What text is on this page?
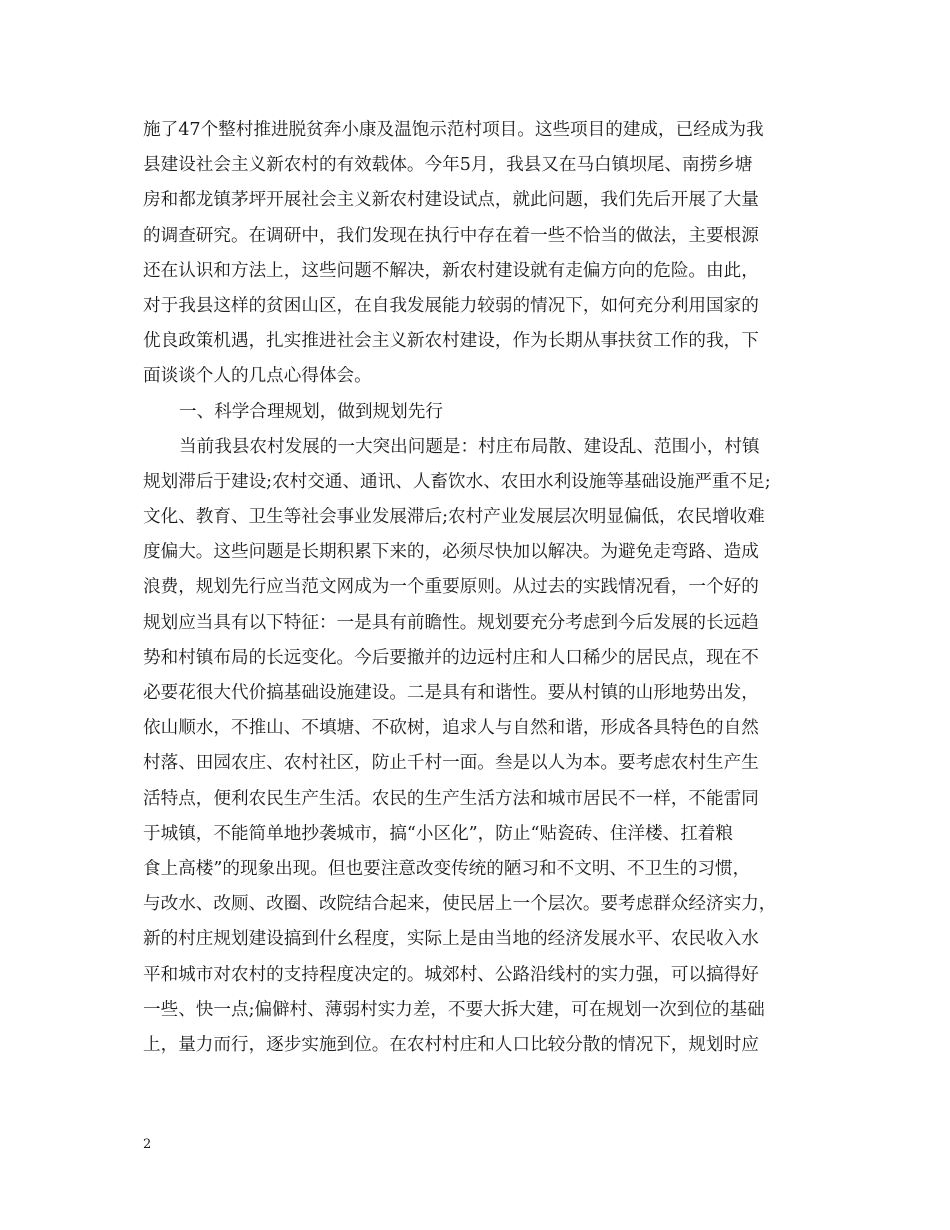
施了47个整村推进脱贫奔小康及温饱示范村项目。这些项目的建成，已经成为我
县建设社会主义新农村的有效载体。今年5月，我县又在马白镇坝尾、南捞乡塘
房和都龙镇茅坪开展社会主义新农村建设试点，就此问题，我们先后开展了大量
的调查研究。在调研中，我们发现在执行中存在着一些不恰当的做法，主要根源
还在认识和方法上，这些问题不解决，新农村建设就有走偏方向的危险。由此，
对于我县这样的贫困山区，在自我发展能力较弱的情况下，如何充分利用国家的
优良政策机遇，扎实推进社会主义新农村建设，作为长期从事扶贫工作的我，下
面谈谈个人的几点心得体会。
一、科学合理规划，做到规划先行
当前我县农村发展的一大突出问题是：村庄布局散、建设乱、范围小，村镇
规划滞后于建设;农村交通、通讯、人畜饮水、农田水利设施等基础设施严重不足;
文化、教育、卫生等社会事业发展滞后;农村产业发展层次明显偏低，农民增收难
度偏大。这些问题是长期积累下来的，必须尽快加以解决。为避免走弯路、造成
浪费，规划先行应当范文网成为一个重要原则。从过去的实践情况看，一个好的
规划应当具有以下特征：一是具有前瞻性。规划要充分考虑到今后发展的长远趋
势和村镇布局的长远变化。今后要撤并的边远村庄和人口稀少的居民点，现在不
必要花很大代价搞基础设施建设。二是具有和谐性。要从村镇的山形地势出发，
依山顺水，不推山、不填塘、不砍树，追求人与自然和谐，形成各具特色的自然
村落、田园农庄、农村社区，防止千村一面。叁是以人为本。要考虑农村生产生
活特点，便利农民生产生活。农民的生产生活方法和城市居民不一样，不能雷同
于城镇，不能简单地抄袭城市，搞“小区化”，防止“贴瓷砖、住洋楼、扛着粮
食上高楼”的现象出现。但也要注意改变传统的陋习和不文明、不卫生的习惯，
与改水、改厕、改圈、改院结合起来，使民居上一个层次。要考虑群众经济实力，
新的村庄规划建设搞到什幺程度，实际上是由当地的经济发展水平、农民收入水
平和城市对农村的支持程度决定的。城郊村、公路沿线村的实力强，可以搞得好
一些、快一点;偏僻村、薄弱村实力差，不要大拆大建，可在规划一次到位的基础
上，量力而行，逐步实施到位。在农村村庄和人口比较分散的情况下，规划时应
2
